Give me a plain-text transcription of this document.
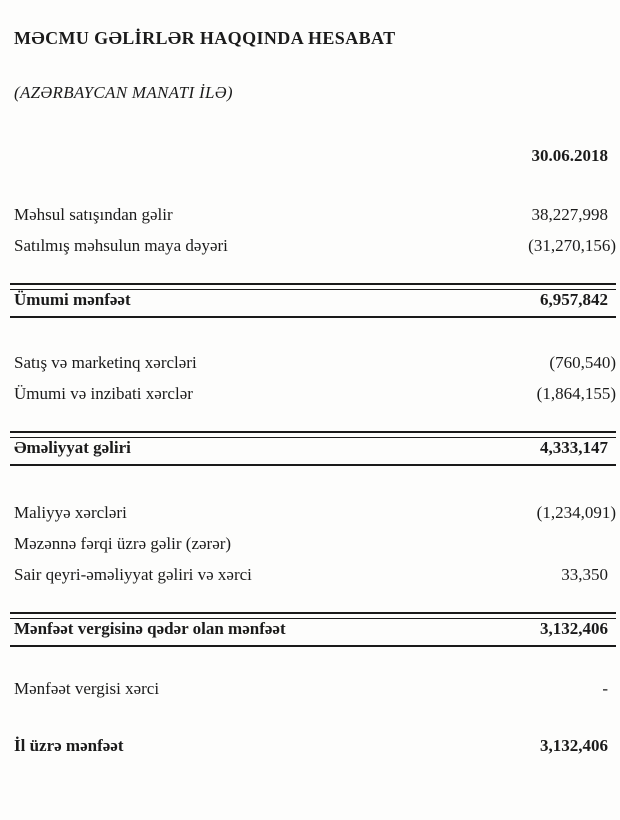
MƏCMU GƏLİRLƏR HAQQINDA HESABAT
(AZƏRBAYCAN MANATI İLƏ)
30.06.2018
Məhsul satışından gəlir	38,227,998
Satılmış məhsulun maya dəyəri	(31,270,156)
Ümumi mənfəət	6,957,842
Satış və marketinq xərcləri	(760,540)
Ümumi və inzibati xərclər	(1,864,155)
Əməliyyat gəliri	4,333,147
Maliyyə xərcləri	(1,234,091)
Məzənnə fərqi üzrə gəlir (zərər)
Sair qeyri-əməliyyat gəliri və xərci	33,350
Mənfəət vergisinə qədər olan mənfəət	3,132,406
Mənfəət vergisi xərci	-
İl üzrə mənfəət	3,132,406
